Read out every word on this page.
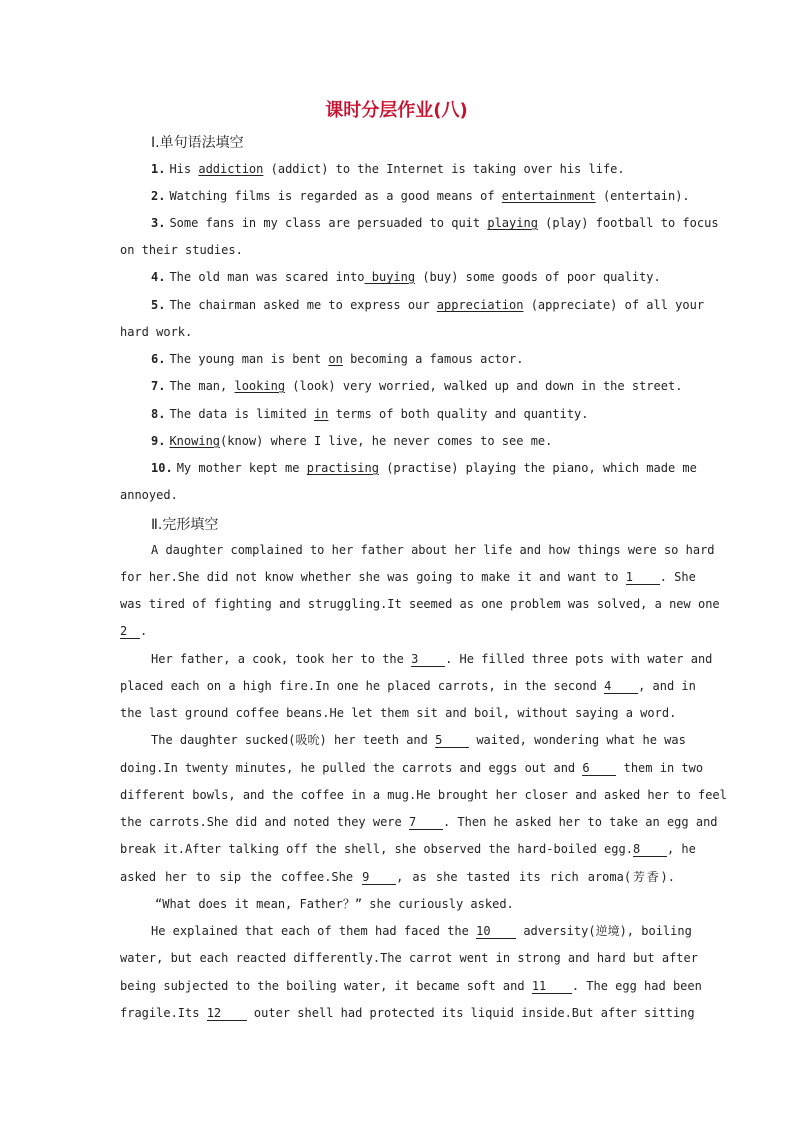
课时分层作业(八)
Ⅰ.单句语法填空
1. His addiction (addict) to the Internet is taking over his life.
2. Watching films is regarded as a good means of entertainment (entertain).
3. Some fans in my class are persuaded to quit playing (play) football to focus
on their studies.
4. The old man was scared into buying (buy) some goods of poor quality.
5. The chairman asked me to express our appreciation (appreciate) of all your
hard work.
6. The young man is bent on becoming a famous actor.
7. The man, looking (look) very worried, walked up and down in the street.
8. The data is limited in terms of both quality and quantity.
9. Knowing(know) where I live, he never comes to see me.
10. My mother kept me practising (practise) playing the piano, which made me
annoyed.
Ⅱ.完形填空
A daughter complained to her father about her life and how things were so hard
for her.She did not know whether she was going to make it and want to 1 . She
was tired of fighting and struggling.It seemed as one problem was solved, a new one
2 .
Her father, a cook, took her to the 3 . He filled three pots with water and
placed each on a high fire.In one he placed carrots, in the second 4 , and in
the last ground coffee beans.He let them sit and boil, without saying a word.
The daughter sucked(吸吮) her teeth and 5 waited, wondering what he was
doing.In twenty minutes, he pulled the carrots and eggs out and 6 them in two
different bowls, and the coffee in a mug.He brought her closer and asked her to feel
the carrots.She did and noted they were 7 . Then he asked her to take an egg and
break it.After talking off the shell, she observed the hard-boiled egg.8 , he
asked her to sip the coffee.She 9 , as she tasted its rich aroma(芳香).
“What does it mean, Father？” she curiously asked.
He explained that each of them had faced the 10 adversity(逆境), boiling
water, but each reacted differently.The carrot went in strong and hard but after
being subjected to the boiling water, it became soft and 11 . The egg had been
fragile.Its 12 outer shell had protected its liquid inside.But after sitting
